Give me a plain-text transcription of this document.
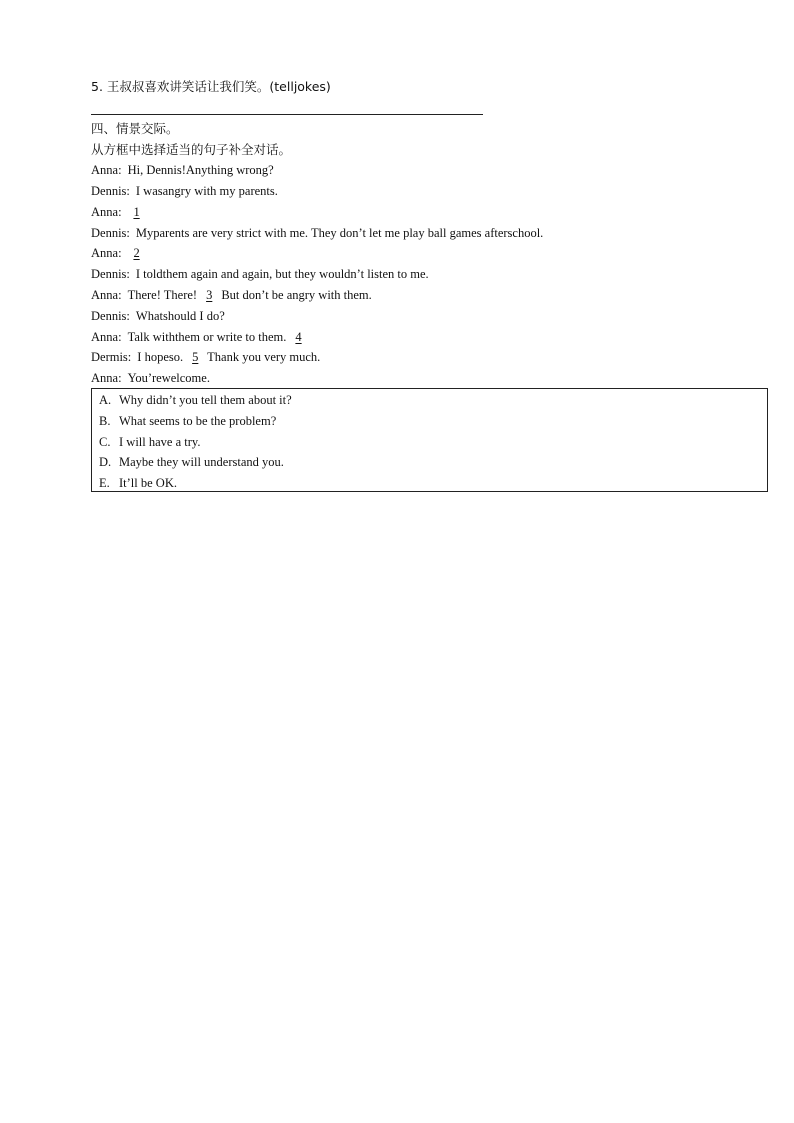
5. 王叔叔喜欢讲笑话让我们笑。(telljokes)
四、情景交际。
从方框中选择适当的句子补全对话。
Anna: Hi, Dennis!Anything wrong?
Dennis: I wasangry with my parents.
Anna: 1
Dennis: Myparents are very strict with me. They don’t let me play ball games afterschool.
Anna: 2
Dennis: I toldthem again and again, but they wouldn’t listen to me.
Anna: There! There! 3 But don’t be angry with them.
Dennis: Whatshould I do?
Anna: Talk withthem or write to them. 4
Dermis: I hopeso. 5 Thank you very much.
Anna: You’rewelcome.
A. Why didn’t you tell them about it?
B. What seems to be the problem?
C. I will have a try.
D. Maybe they will understand you.
E. It’ll be OK.
